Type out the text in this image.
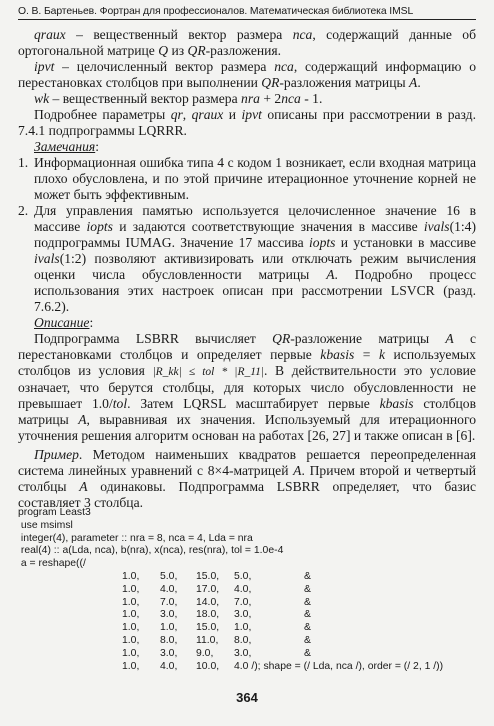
О. В. Бартеньев. Фортран для профессионалов. Математическая библиотека IMSL

qraux – вещественный вектор размера nca, содержащий данные об ортогональной матрице Q из QR-разложения.

ipvt – целочисленный вектор размера nca, содержащий информацию о перестановках столбцов при выполнении QR-разложения матрицы A.

wk – вещественный вектор размера nra + 2nca - 1.

Подробнее параметры qr, qraux и ipvt описаны при рассмотрении в разд. 7.4.1 подпрограммы LQRRR.

Замечания:

1. Информационная ошибка типа 4 с кодом 1 возникает, если входная матрица плохо обусловлена, и по этой причине итерационное уточнение корней не может быть эффективным.

2. Для управления памятью используется целочисленное значение 16 в массиве iopts и задаются соответствующие значения в массиве ivals(1:4) подпрограммы IUMAG. Значение 17 массива iopts и установки в массиве ivals(1:2) позволяют активизировать или отключать режим вычисления оценки числа обусловленности матрицы A. Подробно процесс использования этих настроек описан при рассмотрении LSVCR (разд. 7.6.2).

Описание:

Подпрограмма LSBRR вычисляет QR-разложение матрицы A с перестановками столбцов и определяет первые kbasis = k используемых столбцов из условия |R_kk| ≤ tol * |R_11|. В действительности это условие означает, что берутся столбцы, для которых число обусловленности не превышает 1.0/tol. Затем LQRSL масштабирует первые kbasis столбцов матрицы A, выравнивая их значения. Используемый для итерационного уточнения решения алгоритм основан на работах [26, 27] и также описан в [6].

Пример. Методом наименьших квадратов решается переопределенная система линейных уравнений с 8×4-матрицей A. Причем второй и четвертый столбцы A одинаковы. Подпрограмма LSBRR определяет, что базис составляет 3 столбца.

program Least3
use msimsl
integer(4), parameter :: nra = 8, nca = 4, Lda = nra
real(4) :: a(Lda, nca), b(nra), x(nca), res(nra), tol = 1.0e-4
a = reshape((/
1.0, 5.0, 15.0, 5.0,	&
1.0, 4.0, 17.0, 4.0,	&
1.0, 7.0, 14.0, 7.0,	&
1.0, 3.0, 18.0, 3.0,	&
1.0, 1.0, 15.0, 1.0,	&
1.0, 8.0, 11.0, 8.0,	&
1.0, 3.0, 9.0, 3.0,	&
1.0, 4.0, 10.0, 4.0 /); shape = (/ Lda, nca /), order = (/ 2, 1 /))
364
